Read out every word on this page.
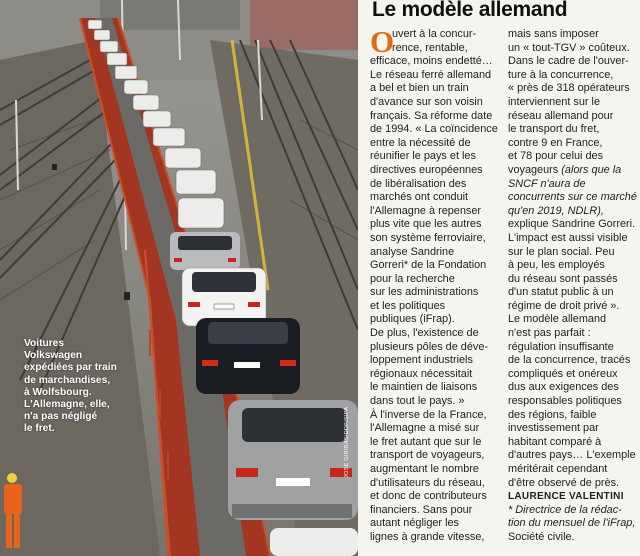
Voitures
Volkswagen
expédiées par train
de marchandises,
à Wolfsbourg.
L'Allemagne, elle,
n'a pas négligé
le fret.	JOSÉ GIRIBAS/DDP/SIPA
Le modèle allemand
O
uvert à la concur-
rence, rentable,
efficace, moins endetté…
Le réseau ferré allemand
a bel et bien un train
d'avance sur son voisin
français. Sa réforme date
de 1994. « La coïncidence
entre la nécessité de
réunifier le pays et les
directives européennes
de libéralisation des
marchés ont conduit
l'Allemagne à repenser
plus vite que les autres
son système ferroviaire,
analyse Sandrine
Gorreri* de la Fondation
pour la recherche
sur les administrations
et les politiques
publiques (iFrap).
De plus, l'existence de
plusieurs pôles de déve-
loppement industriels
régionaux nécessitait
le maintien de liaisons
dans tout le pays. »
À l'inverse de la France,
l'Allemagne a misé sur
le fret autant que sur le
transport de voyageurs,
augmentant le nombre
d'utilisateurs du réseau,
et donc de contributeurs
financiers. Sans pour
autant négliger les
lignes à grande vitesse,
mais sans imposer
un « tout-TGV » coûteux.
Dans le cadre de l'ouver-
ture à la concurrence,
« près de 318 opérateurs
interviennent sur le
réseau allemand pour
le transport du fret,
contre 9 en France,
et 78 pour celui des
voyageurs (alors que la
SNCF n'aura de
concurrents sur ce marché
qu'en 2019, NDLR),
explique Sandrine Gorreri.
L'impact est aussi visible
sur le plan social. Peu
à peu, les employés
du réseau sont passés
d'un statut public à un
régime de droit privé ».
Le modèle allemand
n'est pas parfait :
régulation insuffisante
de la concurrence, tracés
compliqués et onéreux
dus aux exigences des
responsables politiques
des régions, faible
investissement par
habitant comparé à
d'autres pays… L'exemple
méritérait cependant
d'être observé de près.
LAURENCE VALENTINI
* Directrice de la rédac-
tion du mensuel de l'iFrap,
Société civile.
